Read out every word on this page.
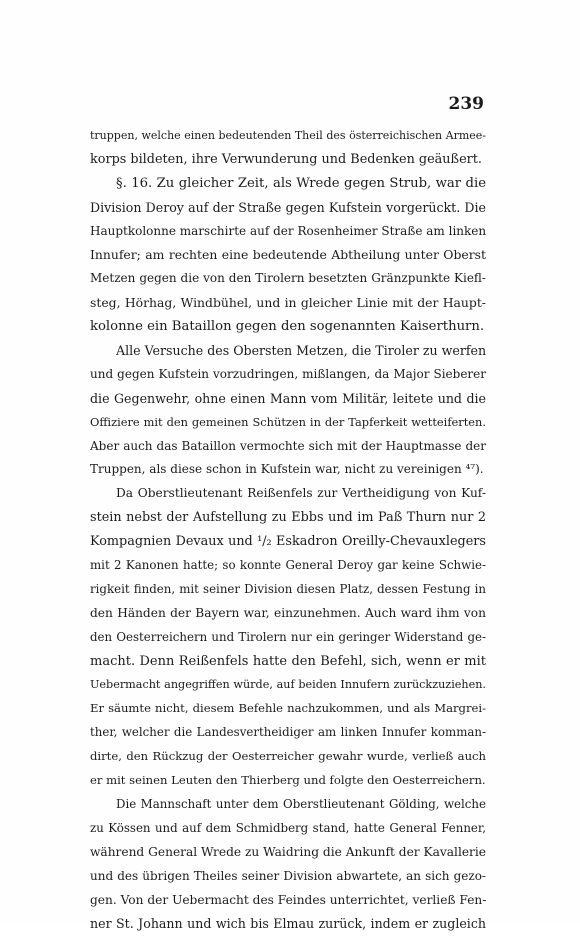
239
truppen, welche einen bedeutenden Theil des österreichischen Armee-
korps bildeten, ihre Verwunderung und Bedenken geäußert.
§. 16. Zu gleicher Zeit, als Wrede gegen Strub, war die
Division Deroy auf der Straße gegen Kufstein vorgerückt. Die
Hauptkolonne marschirte auf der Rosenheimer Straße am linken
Innufer; am rechten eine bedeutende Abtheilung unter Oberst
Metzen gegen die von den Tirolern besetzten Gränzpunkte Kiefl-
steg, Hörhag, Windbühel, und in gleicher Linie mit der Haupt-
kolonne ein Bataillon gegen den sogenannten Kaiserthurn.
Alle Versuche des Obersten Metzen, die Tiroler zu werfen
und gegen Kufstein vorzudringen, mißlangen, da Major Sieberer
die Gegenwehr, ohne einen Mann vom Militär, leitete und die
Offiziere mit den gemeinen Schützen in der Tapferkeit wetteiferten.
Aber auch das Bataillon vermochte sich mit der Hauptmasse der
Truppen, als diese schon in Kufstein war, nicht zu vereinigen ⁴⁷).
Da Oberstlieutenant Reißenfels zur Vertheidigung von Kuf-
stein nebst der Aufstellung zu Ebbs und im Paß Thurn nur 2
Kompagnien Devaux und ¹/₂ Eskadron Oreilly-Chevauxlegers
mit 2 Kanonen hatte; so konnte General Deroy gar keine Schwie-
rigkeit finden, mit seiner Division diesen Platz, dessen Festung in
den Händen der Bayern war, einzunehmen. Auch ward ihm von
den Oesterreichern und Tirolern nur ein geringer Widerstand ge-
macht. Denn Reißenfels hatte den Befehl, sich, wenn er mit
Uebermacht angegriffen würde, auf beiden Innufern zurückzuziehen.
Er säumte nicht, diesem Befehle nachzukommen, und als Margrei-
ther, welcher die Landesvertheidiger am linken Innufer komman-
dirte, den Rückzug der Oesterreicher gewahr wurde, verließ auch
er mit seinen Leuten den Thierberg und folgte den Oesterreichern.
Die Mannschaft unter dem Oberstlieutenant Gölding, welche
zu Kössen und auf dem Schmidberg stand, hatte General Fenner,
während General Wrede zu Waidring die Ankunft der Kavallerie
und des übrigen Theiles seiner Division abwartete, an sich gezo-
gen. Von der Uebermacht des Feindes unterrichtet, verließ Fen-
ner St. Johann und wich bis Elmau zurück, indem er zugleich
